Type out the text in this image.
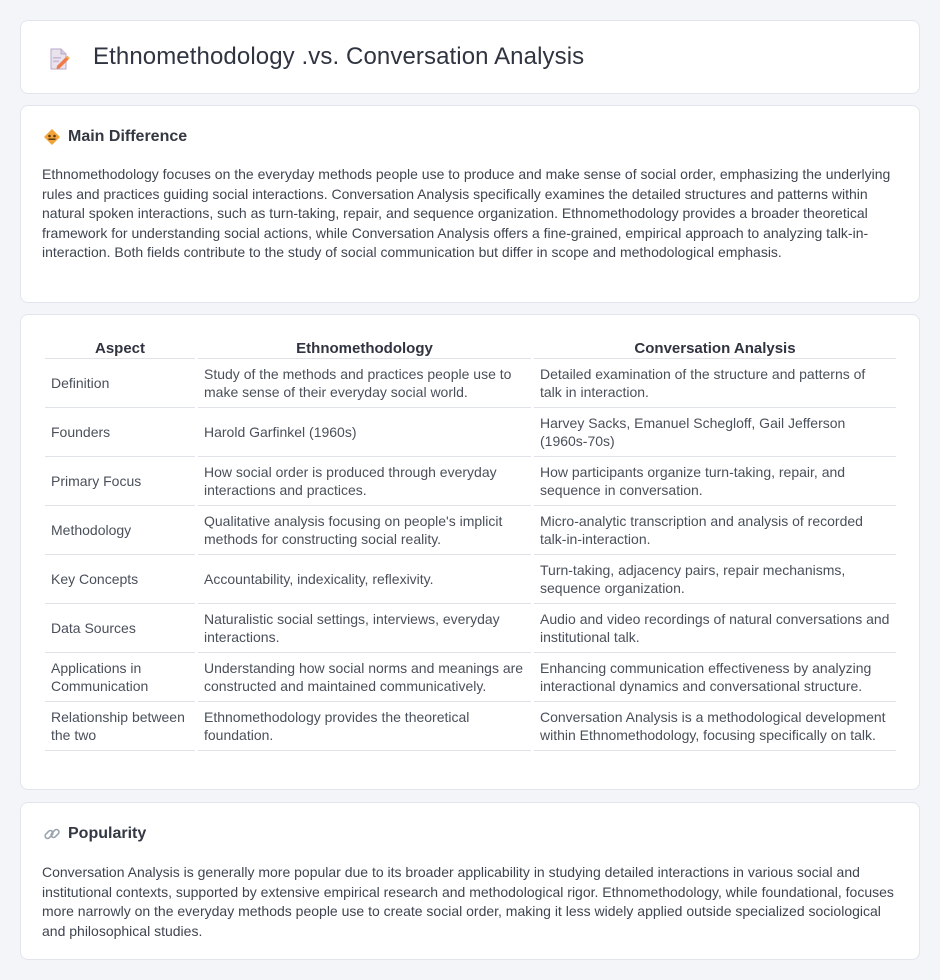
Ethnomethodology .vs. Conversation Analysis
Main Difference

Ethnomethodology focuses on the everyday methods people use to produce and make sense of social order, emphasizing the underlying rules and practices guiding social interactions. Conversation Analysis specifically examines the detailed structures and patterns within natural spoken interactions, such as turn-taking, repair, and sequence organization. Ethnomethodology provides a broader theoretical framework for understanding social actions, while Conversation Analysis offers a fine-grained, empirical approach to analyzing talk-in-interaction. Both fields contribute to the study of social communication but differ in scope and methodological emphasis.

Aspect	Ethnomethodology	Conversation Analysis
Definition	Study of the methods and practices people use to make sense of their everyday social world.	Detailed examination of the structure and patterns of talk in interaction.
Founders	Harold Garfinkel (1960s)	Harvey Sacks, Emanuel Schegloff, Gail Jefferson (1960s-70s)
Primary Focus	How social order is produced through everyday interactions and practices.	How participants organize turn-taking, repair, and sequence in conversation.
Methodology	Qualitative analysis focusing on people's implicit methods for constructing social reality.	Micro-analytic transcription and analysis of recorded talk-in-interaction.
Key Concepts	Accountability, indexicality, reflexivity.	Turn-taking, adjacency pairs, repair mechanisms, sequence organization.
Data Sources	Naturalistic social settings, interviews, everyday interactions.	Audio and video recordings of natural conversations and institutional talk.
Applications in Communication	Understanding how social norms and meanings are constructed and maintained communicatively.	Enhancing communication effectiveness by analyzing interactional dynamics and conversational structure.
Relationship between the two	Ethnomethodology provides the theoretical foundation.	Conversation Analysis is a methodological development within Ethnomethodology, focusing specifically on talk.
Popularity

Conversation Analysis is generally more popular due to its broader applicability in studying detailed interactions in various social and institutional contexts, supported by extensive empirical research and methodological rigor. Ethnomethodology, while foundational, focuses more narrowly on the everyday methods people use to create social order, making it less widely applied outside specialized sociological and philosophical studies.
